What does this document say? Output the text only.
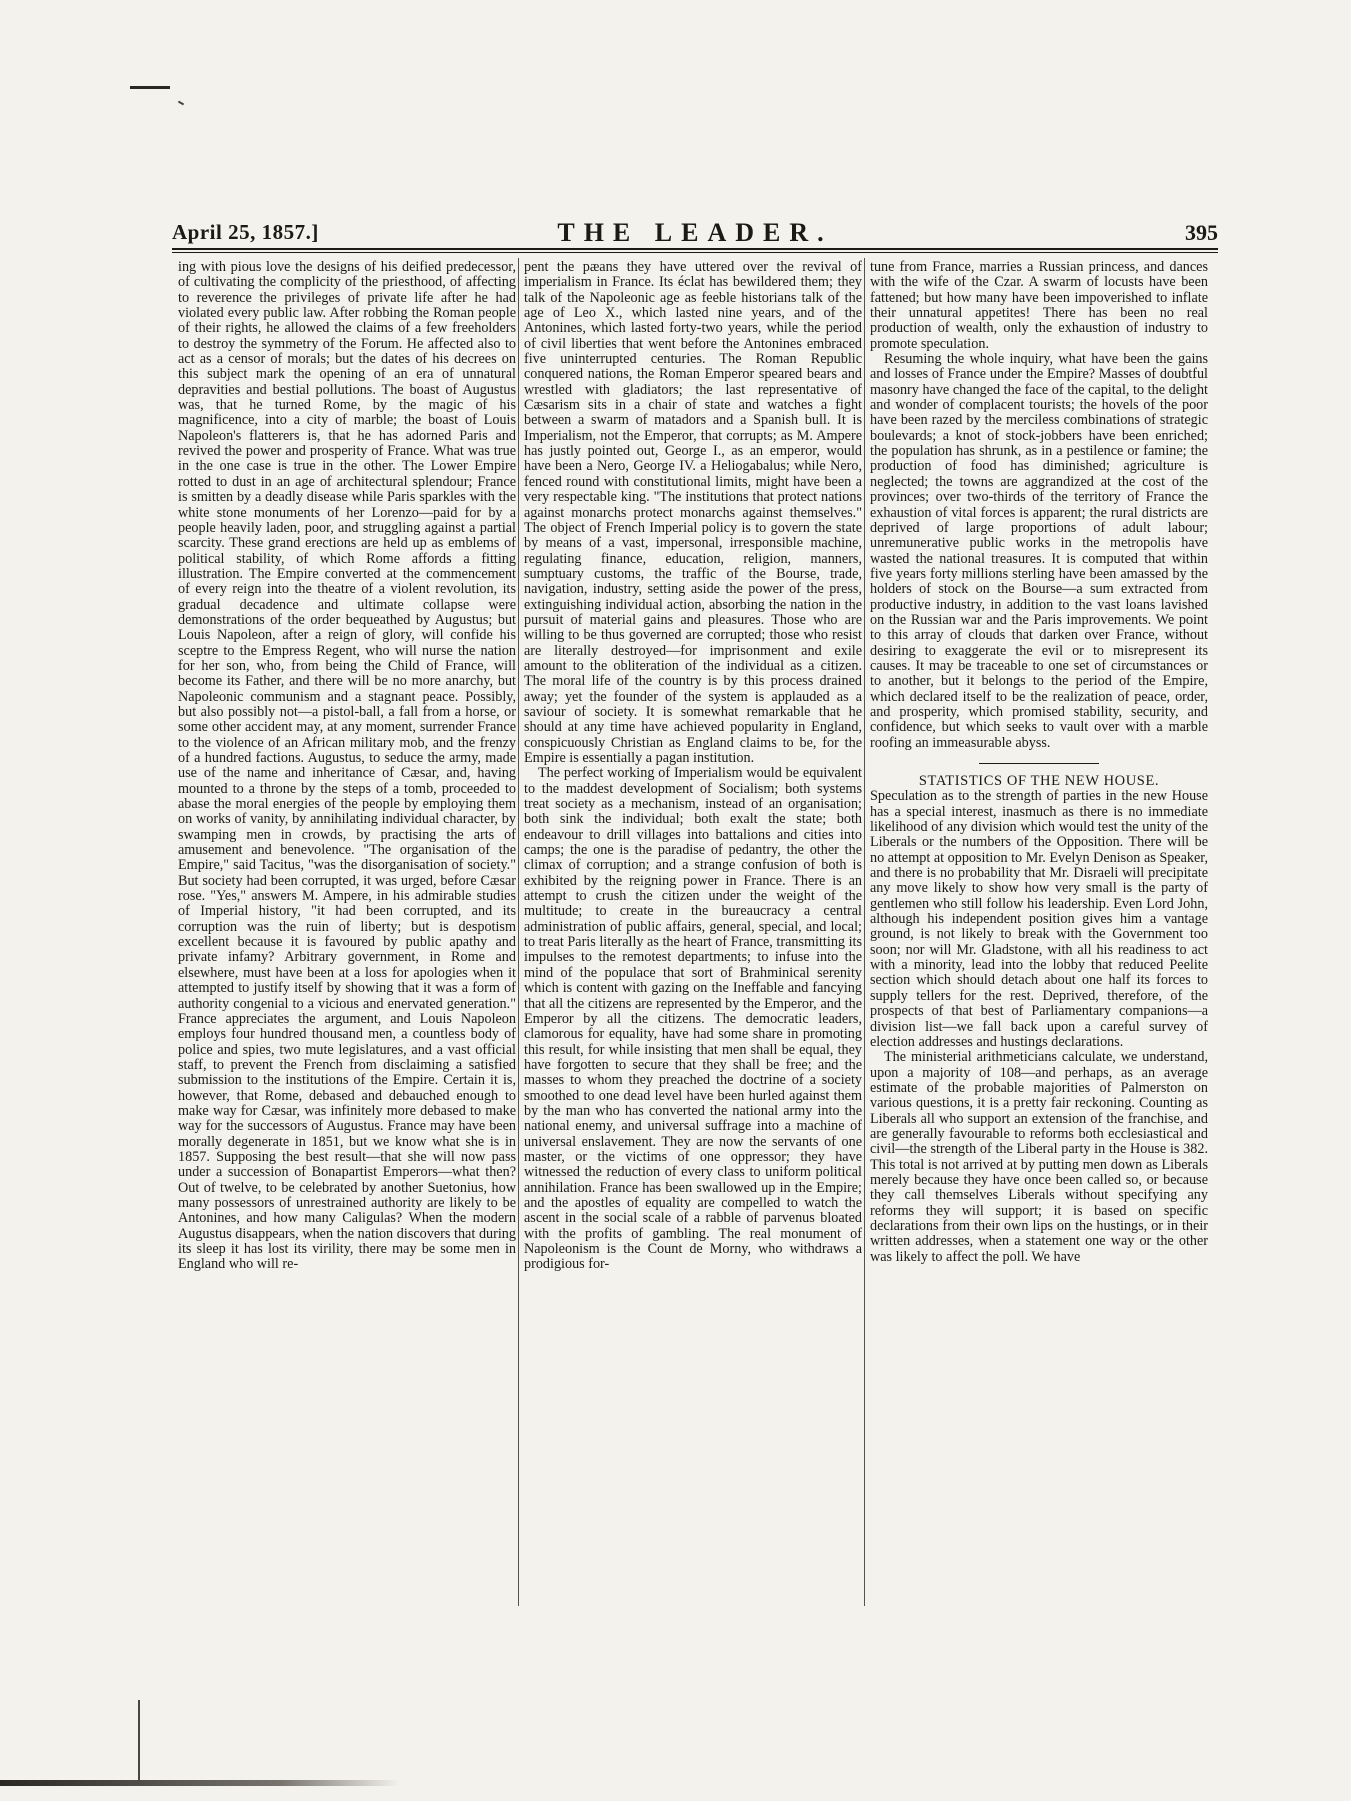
April 25, 1857.]	THE LEADER.	395

ing with pious love the designs of his deified predecessor, of cultivating the complicity of the priesthood, of affecting to reverence the privileges of private life after he had violated every public law. After robbing the Roman people of their rights, he allowed the claims of a few freeholders to destroy the symmetry of the Forum. He affected also to act as a censor of morals; but the dates of his decrees on this subject mark the opening of an era of unnatural depravities and bestial pollutions. The boast of Augustus was, that he turned Rome, by the magic of his magnificence, into a city of marble; the boast of Louis Napoleon's flatterers is, that he has adorned Paris and revived the power and prosperity of France. What was true in the one case is true in the other. The Lower Empire rotted to dust in an age of architectural splendour; France is smitten by a deadly disease while Paris sparkles with the white stone monuments of her Lorenzo—paid for by a people heavily laden, poor, and struggling against a partial scarcity. These grand erections are held up as emblems of political stability, of which Rome affords a fitting illustration. The Empire converted at the commencement of every reign into the theatre of a violent revolution, its gradual decadence and ultimate collapse were demonstrations of the order bequeathed by Augustus; but Louis Napoleon, after a reign of glory, will confide his sceptre to the Empress Regent, who will nurse the nation for her son, who, from being the Child of France, will become its Father, and there will be no more anarchy, but Napoleonic communism and a stagnant peace. Possibly, but also possibly not—a pistol-ball, a fall from a horse, or some other accident may, at any moment, surrender France to the violence of an African military mob, and the frenzy of a hundred factions. Augustus, to seduce the army, made use of the name and inheritance of Cæsar, and, having mounted to a throne by the steps of a tomb, proceeded to abase the moral energies of the people by employing them on works of vanity, by annihilating individual character, by swamping men in crowds, by practising the arts of amusement and benevolence. "The organisation of the Empire," said Tacitus, "was the disorganisation of society." But society had been corrupted, it was urged, before Cæsar rose. "Yes," answers M. Ampere, in his admirable studies of Imperial history, "it had been corrupted, and its corruption was the ruin of liberty; but is despotism excellent because it is favoured by public apathy and private infamy? Arbitrary government, in Rome and elsewhere, must have been at a loss for apologies when it attempted to justify itself by showing that it was a form of authority congenial to a vicious and enervated generation." France appreciates the argument, and Louis Napoleon employs four hundred thousand men, a countless body of police and spies, two mute legislatures, and a vast official staff, to prevent the French from disclaiming a satisfied submission to the institutions of the Empire. Certain it is, however, that Rome, debased and debauched enough to make way for Cæsar, was infinitely more debased to make way for the successors of Augustus. France may have been morally degenerate in 1851, but we know what she is in 1857. Supposing the best result—that she will now pass under a succession of Bonapartist Emperors—what then? Out of twelve, to be celebrated by another Suetonius, how many possessors of unrestrained authority are likely to be Antonines, and how many Caligulas? When the modern Augustus disappears, when the nation discovers that during its sleep it has lost its virility, there may be some men in England who will re-

pent the pæans they have uttered over the revival of imperialism in France. Its éclat has bewildered them; they talk of the Napoleonic age as feeble historians talk of the age of Leo X., which lasted nine years, and of the Antonines, which lasted forty-two years, while the period of civil liberties that went before the Antonines embraced five uninterrupted centuries. The Roman Republic conquered nations, the Roman Emperor speared bears and wrestled with gladiators; the last representative of Cæsarism sits in a chair of state and watches a fight between a swarm of matadors and a Spanish bull. It is Imperialism, not the Emperor, that corrupts; as M. Ampere has justly pointed out, George I., as an emperor, would have been a Nero, George IV. a Heliogabalus; while Nero, fenced round with constitutional limits, might have been a very respectable king. "The institutions that protect nations against monarchs protect monarchs against themselves." The object of French Imperial policy is to govern the state by means of a vast, impersonal, irresponsible machine, regulating finance, education, religion, manners, sumptuary customs, the traffic of the Bourse, trade, navigation, industry, setting aside the power of the press, extinguishing individual action, absorbing the nation in the pursuit of material gains and pleasures. Those who are willing to be thus governed are corrupted; those who resist are literally destroyed—for imprisonment and exile amount to the obliteration of the individual as a citizen. The moral life of the country is by this process drained away; yet the founder of the system is applauded as a saviour of society. It is somewhat remarkable that he should at any time have achieved popularity in England, conspicuously Christian as England claims to be, for the Empire is essentially a pagan institution.

The perfect working of Imperialism would be equivalent to the maddest development of Socialism; both systems treat society as a mechanism, instead of an organisation; both sink the individual; both exalt the state; both endeavour to drill villages into battalions and cities into camps; the one is the paradise of pedantry, the other the climax of corruption; and a strange confusion of both is exhibited by the reigning power in France. There is an attempt to crush the citizen under the weight of the multitude; to create in the bureaucracy a central administration of public affairs, general, special, and local; to treat Paris literally as the heart of France, transmitting its impulses to the remotest departments; to infuse into the mind of the populace that sort of Brahminical serenity which is content with gazing on the Ineffable and fancying that all the citizens are represented by the Emperor, and the Emperor by all the citizens. The democratic leaders, clamorous for equality, have had some share in promoting this result, for while insisting that men shall be equal, they have forgotten to secure that they shall be free; and the masses to whom they preached the doctrine of a society smoothed to one dead level have been hurled against them by the man who has converted the national army into the national enemy, and universal suffrage into a machine of universal enslavement. They are now the servants of one master, or the victims of one oppressor; they have witnessed the reduction of every class to uniform political annihilation. France has been swallowed up in the Empire; and the apostles of equality are compelled to watch the ascent in the social scale of a rabble of parvenus bloated with the profits of gambling. The real monument of Napoleonism is the Count de Morny, who withdraws a prodigious for-

tune from France, marries a Russian princess, and dances with the wife of the Czar. A swarm of locusts have been fattened; but how many have been impoverished to inflate their unnatural appetites! There has been no real production of wealth, only the exhaustion of industry to promote speculation.

Resuming the whole inquiry, what have been the gains and losses of France under the Empire? Masses of doubtful masonry have changed the face of the capital, to the delight and wonder of complacent tourists; the hovels of the poor have been razed by the merciless combinations of strategic boulevards; a knot of stock-jobbers have been enriched; the population has shrunk, as in a pestilence or famine; the production of food has diminished; agriculture is neglected; the towns are aggrandized at the cost of the provinces; over two-thirds of the territory of France the exhaustion of vital forces is apparent; the rural districts are deprived of large proportions of adult labour; unremunerative public works in the metropolis have wasted the national treasures. It is computed that within five years forty millions sterling have been amassed by the holders of stock on the Bourse—a sum extracted from productive industry, in addition to the vast loans lavished on the Russian war and the Paris improvements. We point to this array of clouds that darken over France, without desiring to exaggerate the evil or to misrepresent its causes. It may be traceable to one set of circumstances or to another, but it belongs to the period of the Empire, which declared itself to be the realization of peace, order, and prosperity, which promised stability, security, and confidence, but which seeks to vault over with a marble roofing an immeasurable abyss.

STATISTICS OF THE NEW HOUSE.

Speculation as to the strength of parties in the new House has a special interest, inasmuch as there is no immediate likelihood of any division which would test the unity of the Liberals or the numbers of the Opposition. There will be no attempt at opposition to Mr. Evelyn Denison as Speaker, and there is no probability that Mr. Disraeli will precipitate any move likely to show how very small is the party of gentlemen who still follow his leadership. Even Lord John, although his independent position gives him a vantage ground, is not likely to break with the Government too soon; nor will Mr. Gladstone, with all his readiness to act with a minority, lead into the lobby that reduced Peelite section which should detach about one half its forces to supply tellers for the rest. Deprived, therefore, of the prospects of that best of Parliamentary companions—a division list—we fall back upon a careful survey of election addresses and hustings declarations.

The ministerial arithmeticians calculate, we understand, upon a majority of 108—and perhaps, as an average estimate of the probable majorities of Palmerston on various questions, it is a pretty fair reckoning. Counting as Liberals all who support an extension of the franchise, and are generally favourable to reforms both ecclesiastical and civil—the strength of the Liberal party in the House is 382. This total is not arrived at by putting men down as Liberals merely because they have once been called so, or because they call themselves Liberals without specifying any reforms they will support; it is based on specific declarations from their own lips on the hustings, or in their written addresses, when a statement one way or the other was likely to affect the poll. We have
